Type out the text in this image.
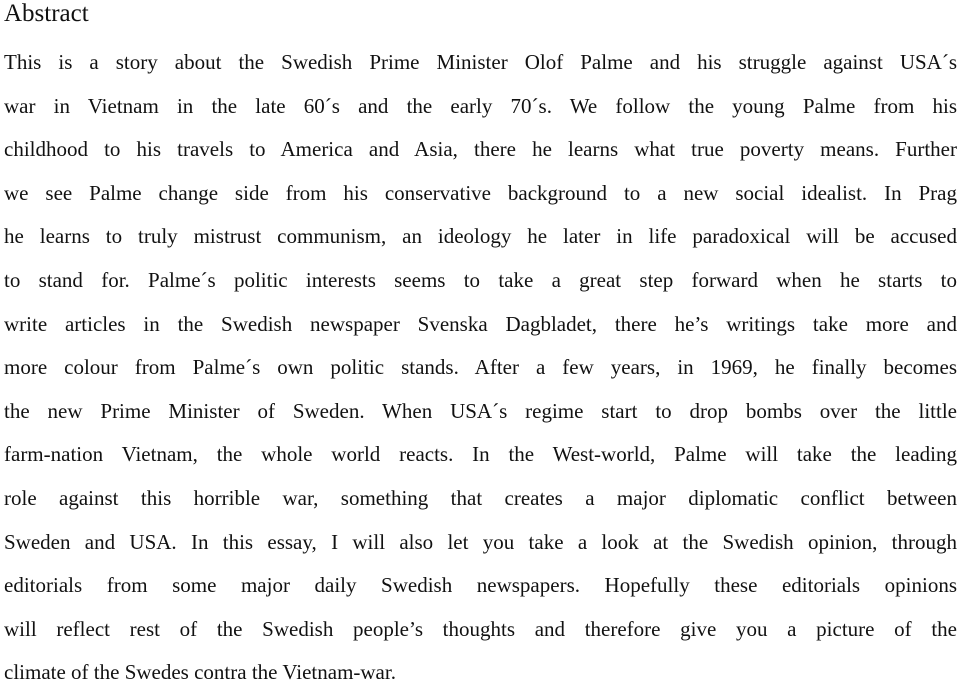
Abstract
This is a story about the Swedish Prime Minister Olof Palme and his struggle against USA´s
war in Vietnam in the late 60´s and the early 70´s. We follow the young Palme from his
childhood to his travels to America and Asia, there he learns what true poverty means. Further
we see Palme change side from his conservative background to a new social idealist. In Prag
he learns to truly mistrust communism, an ideology he later in life paradoxical will be accused
to stand for. Palme´s politic interests seems to take a great step forward when he starts to
write articles in the Swedish newspaper Svenska Dagbladet, there he’s writings take more and
more colour from Palme´s own politic stands. After a few years, in 1969, he finally becomes
the new Prime Minister of Sweden. When USA´s regime start to drop bombs over the little
farm-nation Vietnam, the whole world reacts. In the West-world, Palme will take the leading
role against this horrible war, something that creates a major diplomatic conflict between
Sweden and USA. In this essay, I will also let you take a look at the Swedish opinion, through
editorials from some major daily Swedish newspapers. Hopefully these editorials opinions
will reflect rest of the Swedish people’s thoughts and therefore give you a picture of the
climate of the Swedes contra the Vietnam-war.
